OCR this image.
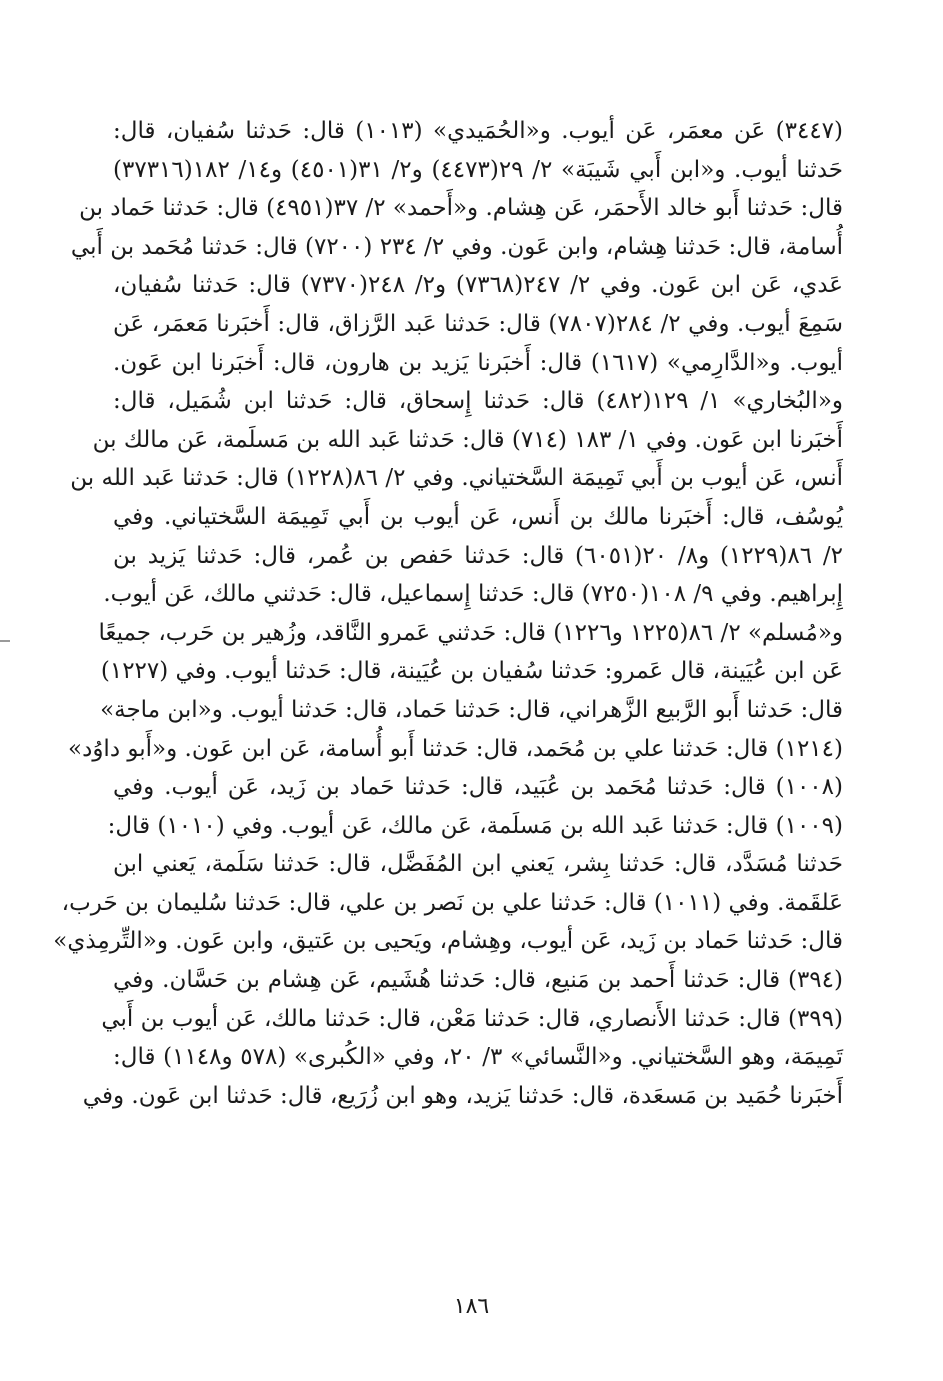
(٣٤٤٧) عَن معمَر، عَن أيوب. و«الحُمَيدي» (١٠١٣) قال: حَدثنا سُفيان، قال:
حَدثنا أيوب. و«ابن أَبي شَيبَة» ٢/ ٢٩(٤٤٧٣) و٢/ ٣١(٤٥٠١) و١٤/ ١٨٢(٣٧٣١٦)
قال: حَدثنا أَبو خالد الأَحمَر، عَن هِشام. و«أَحمد» ٢/ ٣٧(٤٩٥١) قال: حَدثنا حَماد بن
أُسامة، قال: حَدثنا هِشام، وابن عَون. وفي ٢/ ٢٣٤ (٧٢٠٠) قال: حَدثنا مُحَمد بن أَبي
عَدي، عَن ابن عَون. وفي ٢/ ٢٤٧(٧٣٦٨) و٢/ ٢٤٨(٧٣٧٠) قال: حَدثنا سُفيان،
سَمِعَ أيوب. وفي ٢/ ٢٨٤(٧٨٠٧) قال: حَدثنا عَبد الرَّزاق، قال: أَخبَرنا مَعمَر، عَن
أيوب. و«الدَّارِمي» (١٦١٧) قال: أَخبَرنا يَزيد بن هارون، قال: أَخبَرنا ابن عَون.
و«البُخاري» ١/ ١٢٩(٤٨٢) قال: حَدثنا إِسحاق، قال: حَدثنا ابن شُمَيل، قال:
أَخبَرنا ابن عَون. وفي ١/ ١٨٣ (٧١٤) قال: حَدثنا عَبد الله بن مَسلَمة، عَن مالك بن
أَنس، عَن أيوب بن أَبي تَمِيمَة السَّختياني. وفي ٢/ ٨٦(١٢٢٨) قال: حَدثنا عَبد الله بن
يُوسُف، قال: أَخبَرنا مالك بن أَنس، عَن أيوب بن أَبي تَمِيمَة السَّختياني. وفي
٢/ ٨٦(١٢٢٩) و٨/ ٢٠(٦٠٥١) قال: حَدثنا حَفص بن عُمر، قال: حَدثنا يَزيد بن
إِبراهيم. وفي ٩/ ١٠٨(٧٢٥٠) قال: حَدثنا إِسماعيل، قال: حَدثني مالك، عَن أيوب.
و«مُسلم» ٢/ ٨٦(١٢٢٥ و١٢٢٦) قال: حَدثني عَمرو النَّاقد، وزُهير بن حَرب، جميعًا
عَن ابن عُيَينة، قال عَمرو: حَدثنا سُفيان بن عُيَينة، قال: حَدثنا أيوب. وفي (١٢٢٧)
قال: حَدثنا أَبو الرَّبيع الزَّهراني، قال: حَدثنا حَماد، قال: حَدثنا أيوب. و«ابن ماجة»
(١٢١٤) قال: حَدثنا علي بن مُحَمد، قال: حَدثنا أَبو أُسامة، عَن ابن عَون. و«أَبو داوُد»
(١٠٠٨) قال: حَدثنا مُحَمد بن عُبَيد، قال: حَدثنا حَماد بن زَيد، عَن أيوب. وفي
(١٠٠٩) قال: حَدثنا عَبد الله بن مَسلَمة، عَن مالك، عَن أيوب. وفي (١٠١٠) قال:
حَدثنا مُسَدَّد، قال: حَدثنا بِشر، يَعني ابن المُفَضَّل، قال: حَدثنا سَلَمة، يَعني ابن
عَلقَمة. وفي (١٠١١) قال: حَدثنا علي بن نَصر بن علي، قال: حَدثنا سُليمان بن حَرب،
قال: حَدثنا حَماد بن زَيد، عَن أيوب، وهِشام، ويَحيى بن عَتيق، وابن عَون. و«التِّرمِذي»
(٣٩٤) قال: حَدثنا أَحمد بن مَنيع، قال: حَدثنا هُشَيم، عَن هِشام بن حَسَّان. وفي
(٣٩٩) قال: حَدثنا الأَنصاري، قال: حَدثنا مَعْن، قال: حَدثنا مالك، عَن أيوب بن أَبي
تَمِيمَة، وهو السَّختياني. و«النَّسائي» ٣/ ٢٠، وفي «الكُبرى» (٥٧٨ و١١٤٨) قال:
أَخبَرنا حُمَيد بن مَسعَدة، قال: حَدثنا يَزيد، وهو ابن زُرَيع، قال: حَدثنا ابن عَون. وفي
١٨٦
